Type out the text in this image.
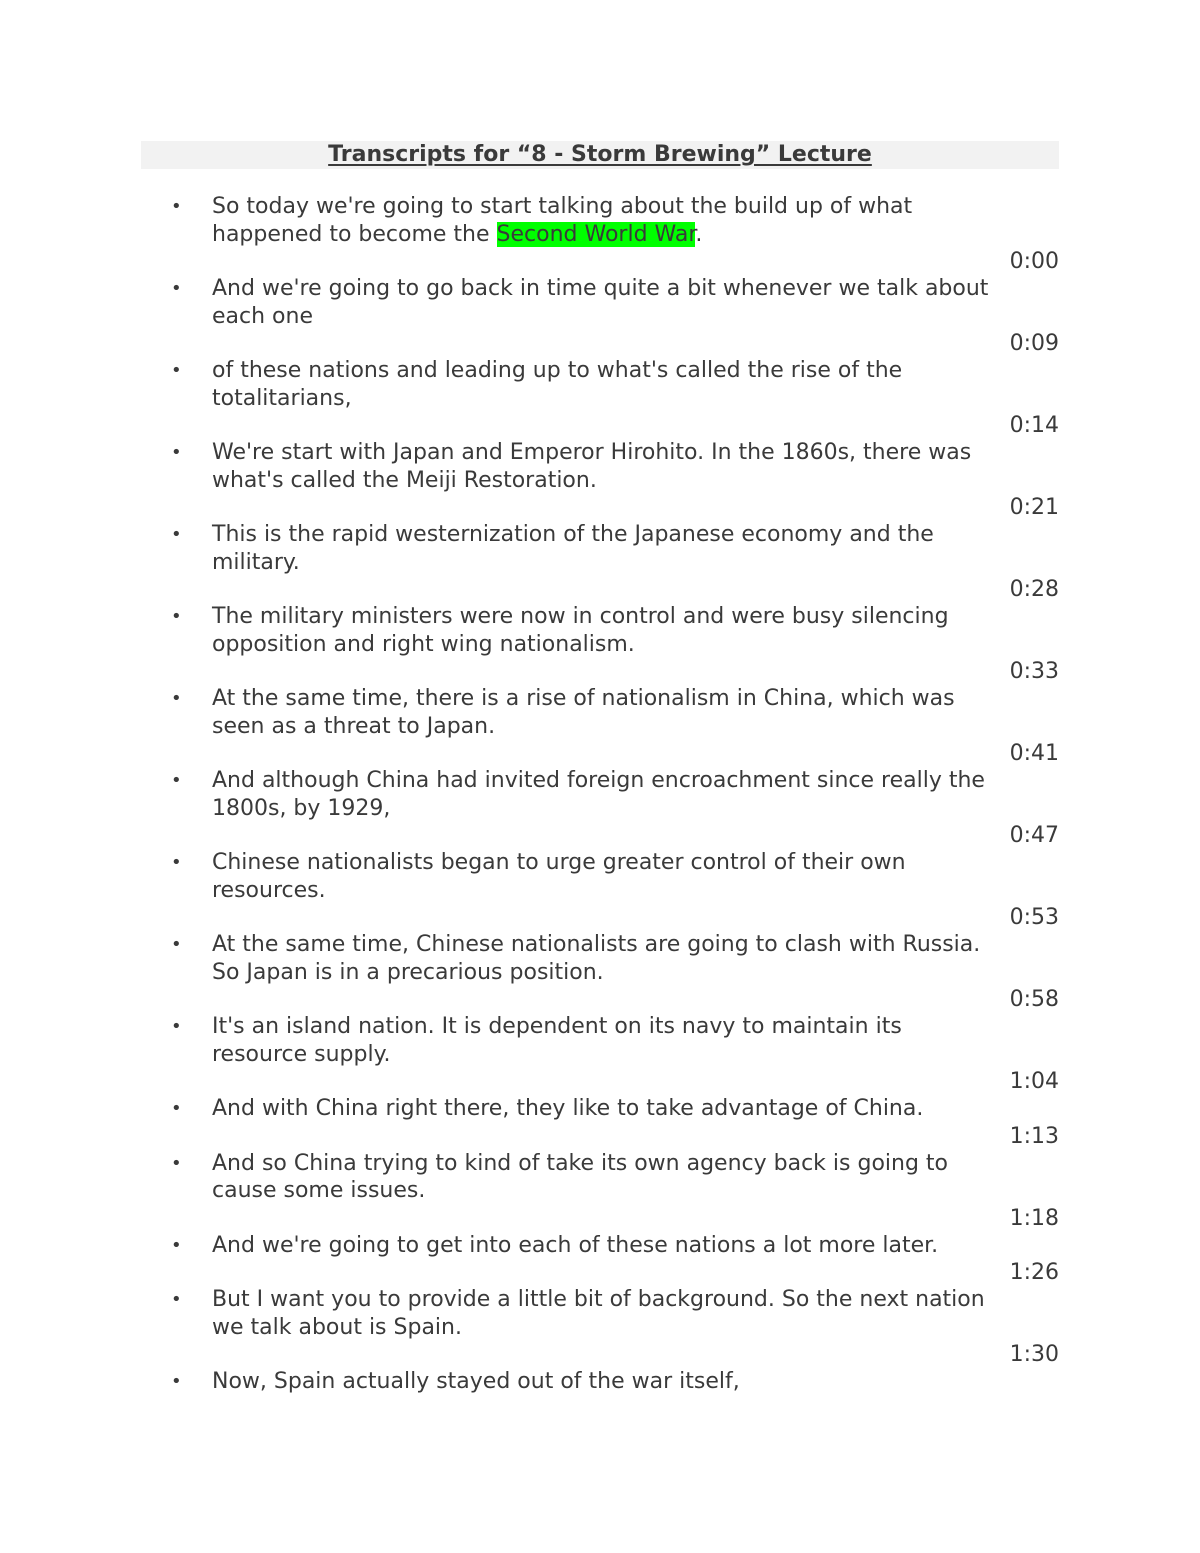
Transcripts for “8 - Storm Brewing” Lecture
• So today we're going to start talking about the build up of what
happened to become the Second World War.
0:00
• And we're going to go back in time quite a bit whenever we talk about
each one
0:09
• of these nations and leading up to what's called the rise of the
totalitarians,
0:14
• We're start with Japan and Emperor Hirohito. In the 1860s, there was
what's called the Meiji Restoration.
0:21
• This is the rapid westernization of the Japanese economy and the
military.
0:28
• The military ministers were now in control and were busy silencing
opposition and right wing nationalism.
0:33
• At the same time, there is a rise of nationalism in China, which was
seen as a threat to Japan.
0:41
• And although China had invited foreign encroachment since really the
1800s, by 1929,
0:47
• Chinese nationalists began to urge greater control of their own
resources.
0:53
• At the same time, Chinese nationalists are going to clash with Russia.
So Japan is in a precarious position.
0:58
• It's an island nation. It is dependent on its navy to maintain its
resource supply.
1:04
• And with China right there, they like to take advantage of China.
1:13
• And so China trying to kind of take its own agency back is going to
cause some issues.
1:18
• And we're going to get into each of these nations a lot more later.
1:26
• But I want you to provide a little bit of background. So the next nation
we talk about is Spain.
1:30
• Now, Spain actually stayed out of the war itself,
